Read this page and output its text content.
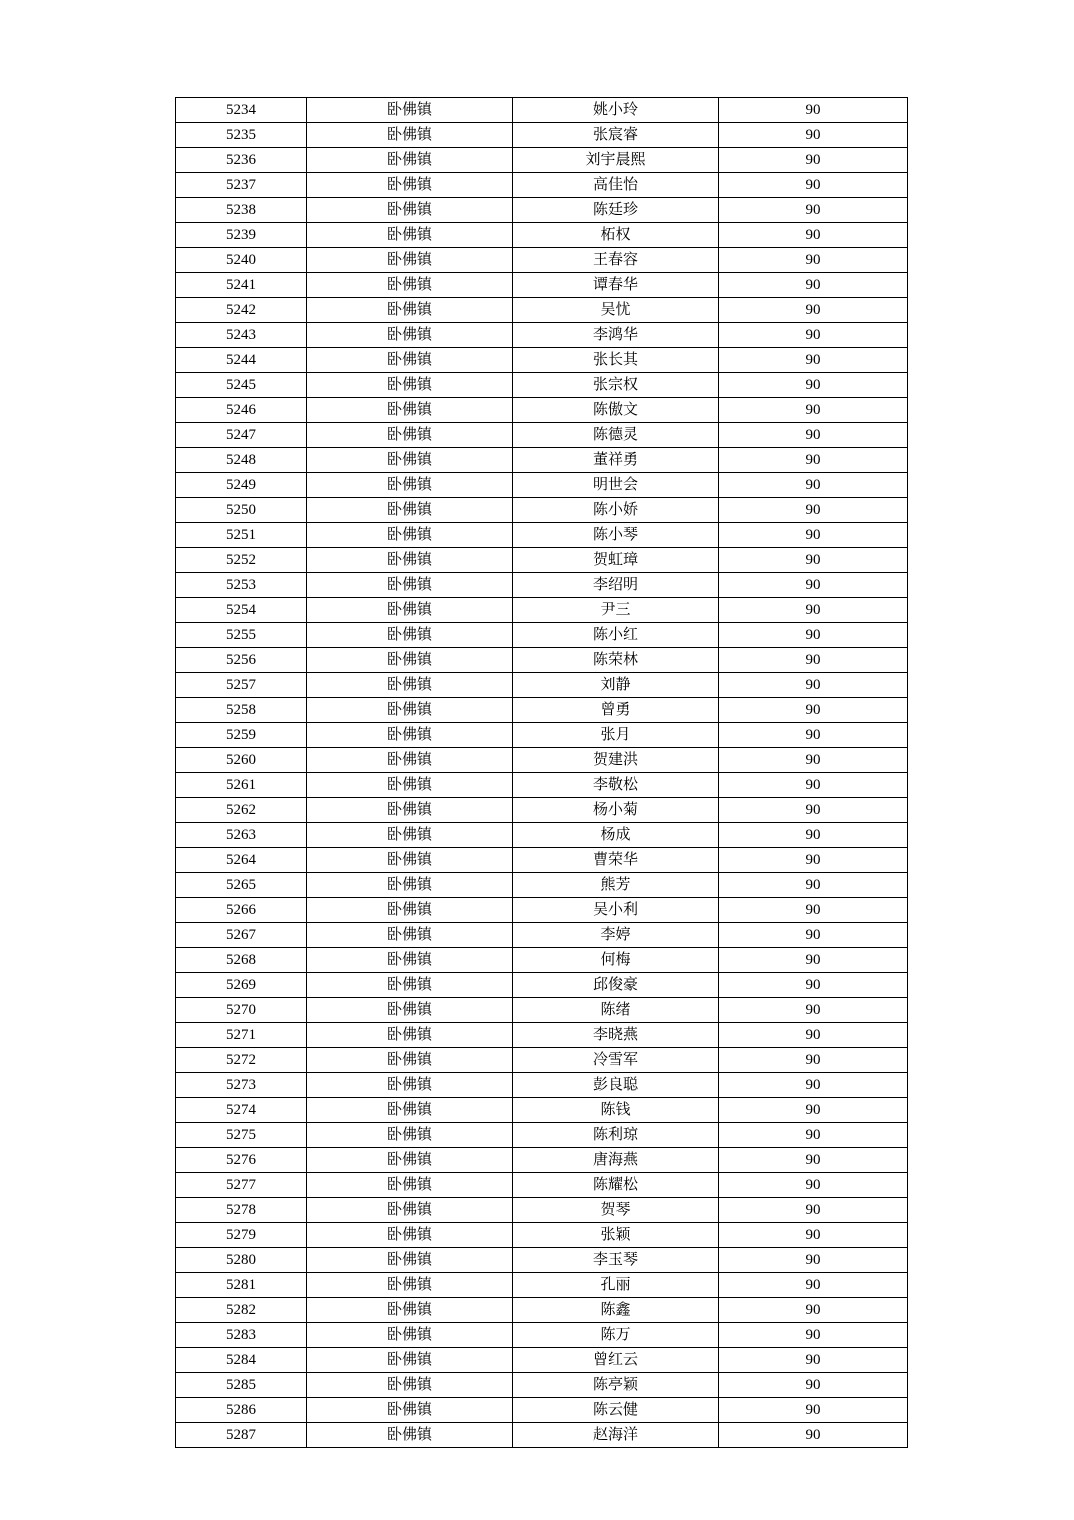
5234	卧佛镇	姚小玲	90
5235	卧佛镇	张宸睿	90
5236	卧佛镇	刘宇晨熙	90
5237	卧佛镇	高佳怡	90
5238	卧佛镇	陈廷珍	90
5239	卧佛镇	柘权	90
5240	卧佛镇	王春容	90
5241	卧佛镇	谭春华	90
5242	卧佛镇	吴忧	90
5243	卧佛镇	李鸿华	90
5244	卧佛镇	张长其	90
5245	卧佛镇	张宗权	90
5246	卧佛镇	陈傲文	90
5247	卧佛镇	陈德灵	90
5248	卧佛镇	董祥勇	90
5249	卧佛镇	明世会	90
5250	卧佛镇	陈小娇	90
5251	卧佛镇	陈小琴	90
5252	卧佛镇	贺虹璋	90
5253	卧佛镇	李绍明	90
5254	卧佛镇	尹三	90
5255	卧佛镇	陈小红	90
5256	卧佛镇	陈荣林	90
5257	卧佛镇	刘静	90
5258	卧佛镇	曾勇	90
5259	卧佛镇	张月	90
5260	卧佛镇	贺建洪	90
5261	卧佛镇	李敬松	90
5262	卧佛镇	杨小菊	90
5263	卧佛镇	杨成	90
5264	卧佛镇	曹荣华	90
5265	卧佛镇	熊芳	90
5266	卧佛镇	吴小利	90
5267	卧佛镇	李婷	90
5268	卧佛镇	何梅	90
5269	卧佛镇	邱俊豪	90
5270	卧佛镇	陈绪	90
5271	卧佛镇	李晓燕	90
5272	卧佛镇	冷雪军	90
5273	卧佛镇	彭良聪	90
5274	卧佛镇	陈钱	90
5275	卧佛镇	陈利琼	90
5276	卧佛镇	唐海燕	90
5277	卧佛镇	陈耀松	90
5278	卧佛镇	贺琴	90
5279	卧佛镇	张颖	90
5280	卧佛镇	李玉琴	90
5281	卧佛镇	孔丽	90
5282	卧佛镇	陈鑫	90
5283	卧佛镇	陈万	90
5284	卧佛镇	曾红云	90
5285	卧佛镇	陈亭颖	90
5286	卧佛镇	陈云健	90
5287	卧佛镇	赵海洋	90
